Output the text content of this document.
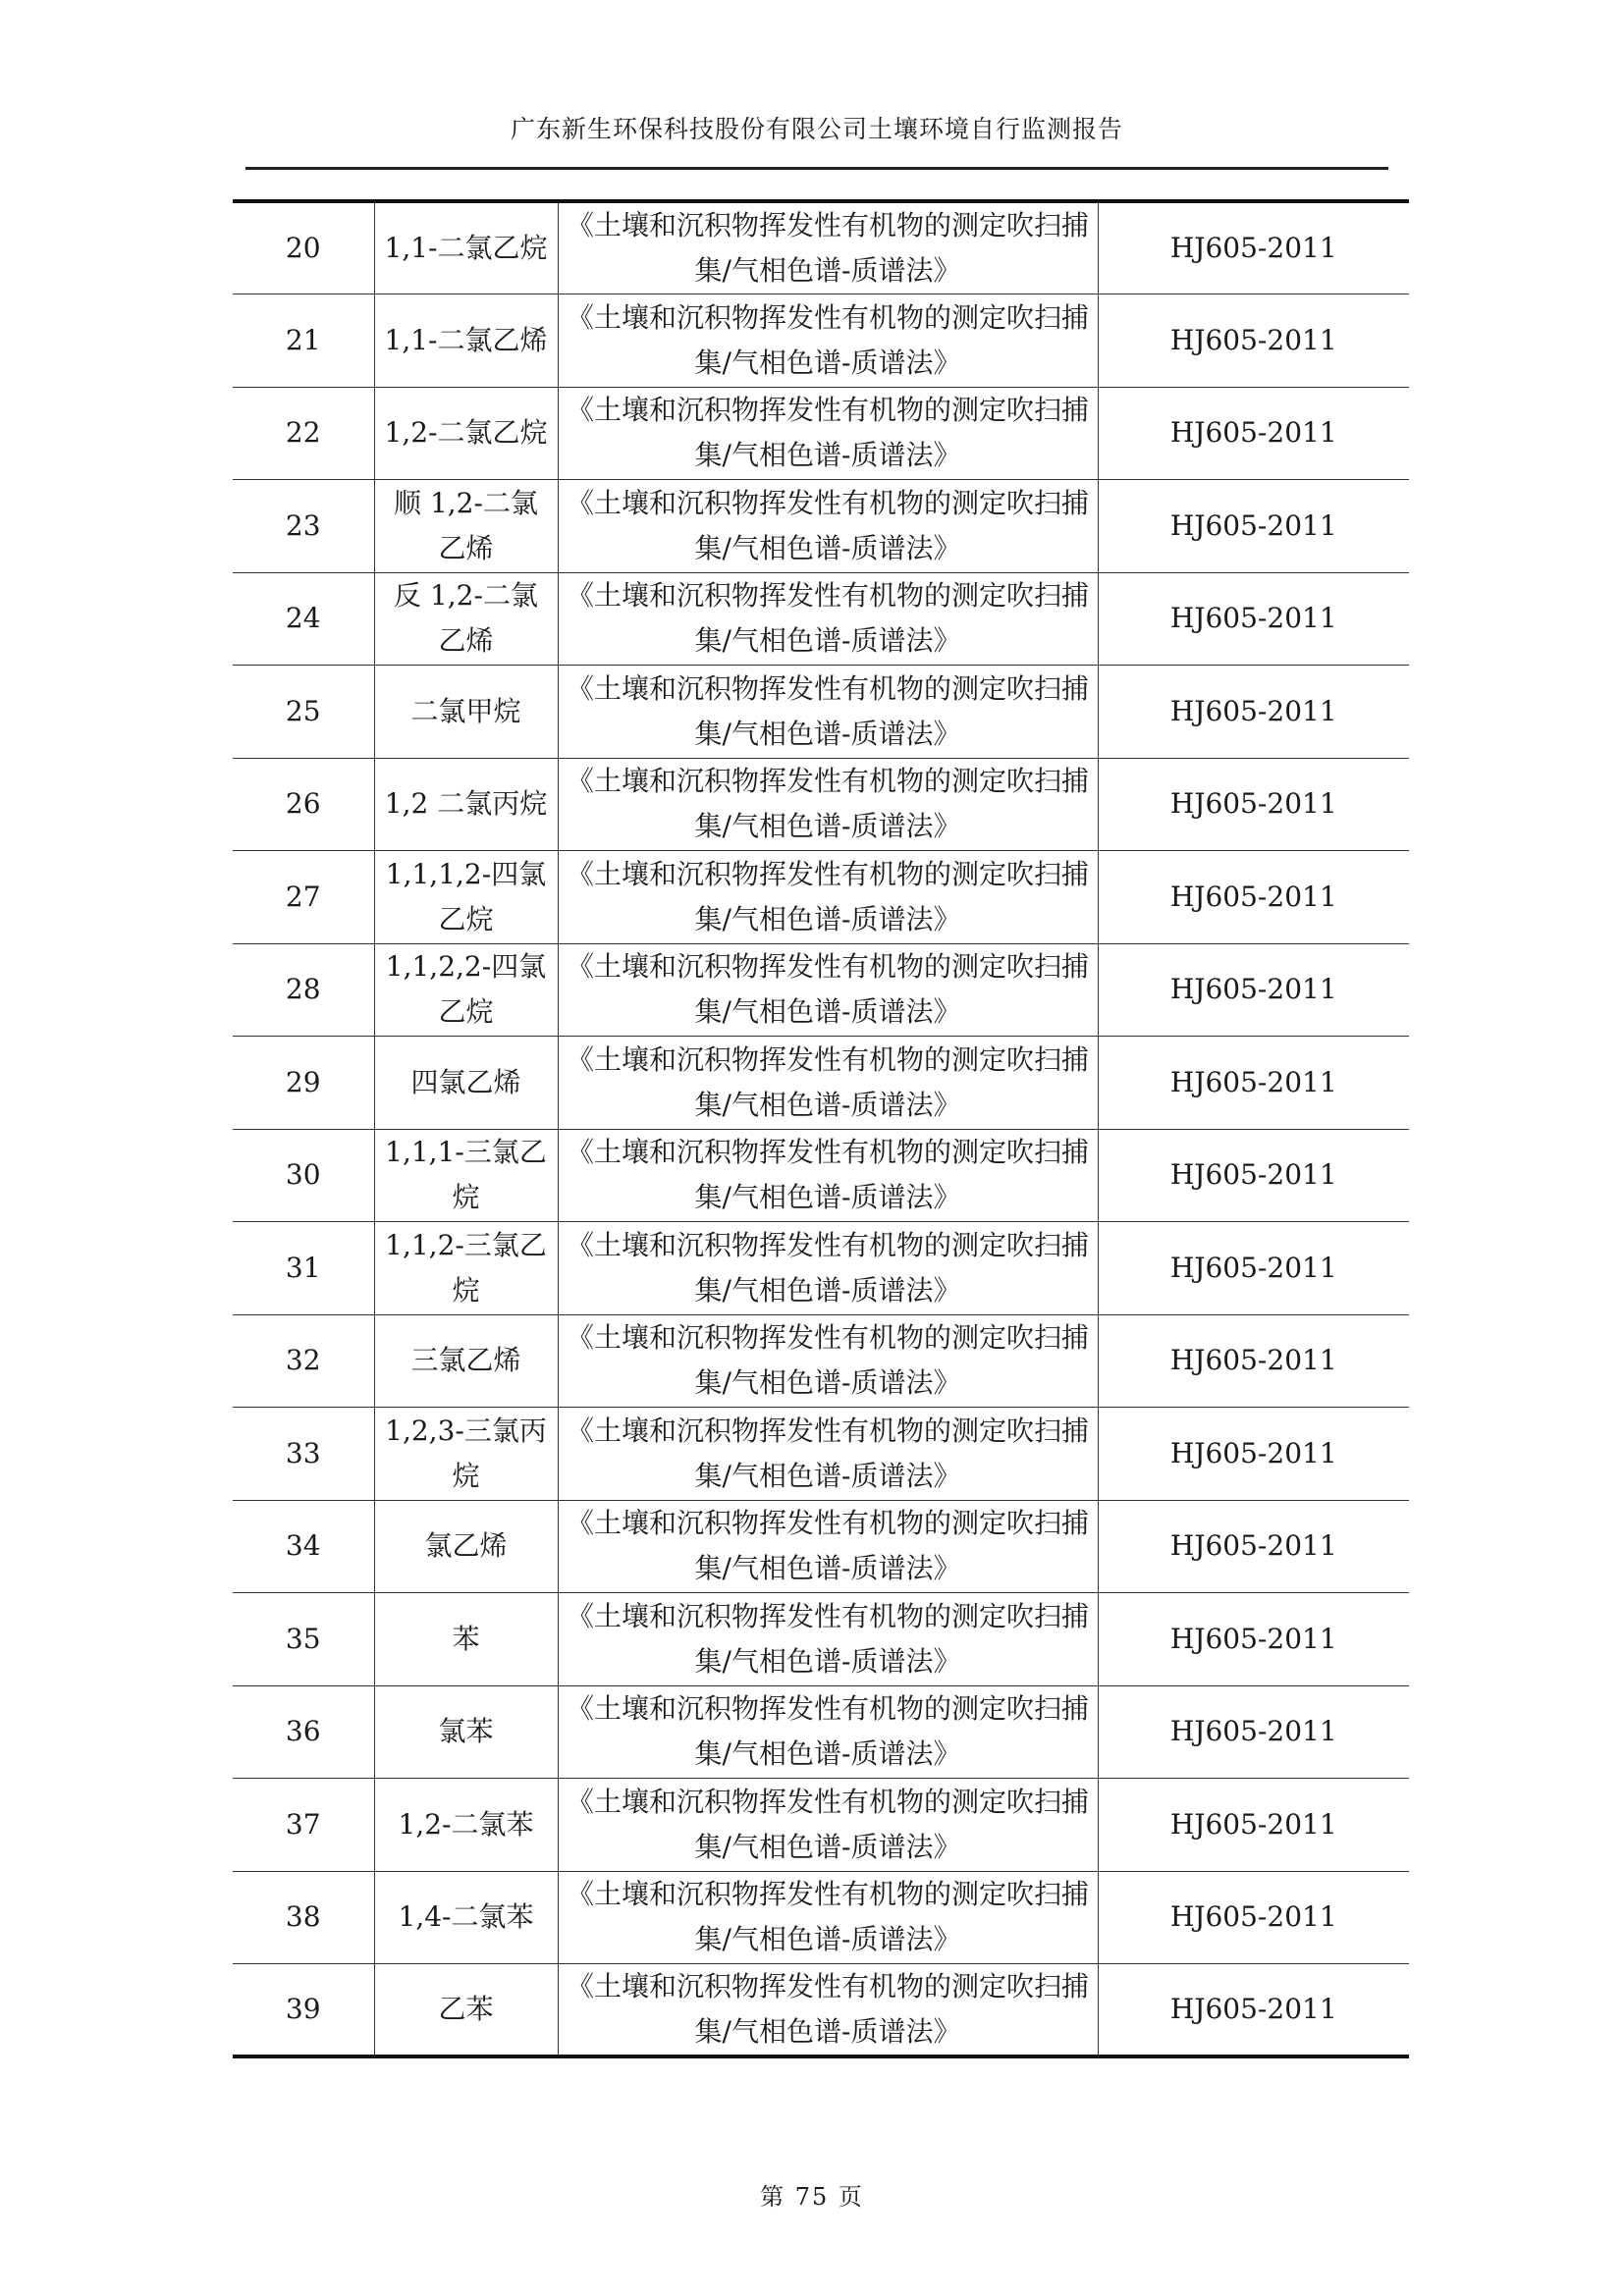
广东新生环保科技股份有限公司土壤环境自行监测报告
20	1,1-二氯乙烷	《土壤和沉积物挥发性有机物的测定吹扫捕集/气相色谱-质谱法》	HJ605-2011
21	1,1-二氯乙烯	《土壤和沉积物挥发性有机物的测定吹扫捕集/气相色谱-质谱法》	HJ605-2011
22	1,2-二氯乙烷	《土壤和沉积物挥发性有机物的测定吹扫捕集/气相色谱-质谱法》	HJ605-2011
23	顺 1,2-二氯乙烯	《土壤和沉积物挥发性有机物的测定吹扫捕集/气相色谱-质谱法》	HJ605-2011
24	反 1,2-二氯乙烯	《土壤和沉积物挥发性有机物的测定吹扫捕集/气相色谱-质谱法》	HJ605-2011
25	二氯甲烷	《土壤和沉积物挥发性有机物的测定吹扫捕集/气相色谱-质谱法》	HJ605-2011
26	1,2 二氯丙烷	《土壤和沉积物挥发性有机物的测定吹扫捕集/气相色谱-质谱法》	HJ605-2011
27	1,1,1,2-四氯乙烷	《土壤和沉积物挥发性有机物的测定吹扫捕集/气相色谱-质谱法》	HJ605-2011
28	1,1,2,2-四氯乙烷	《土壤和沉积物挥发性有机物的测定吹扫捕集/气相色谱-质谱法》	HJ605-2011
29	四氯乙烯	《土壤和沉积物挥发性有机物的测定吹扫捕集/气相色谱-质谱法》	HJ605-2011
30	1,1,1-三氯乙烷	《土壤和沉积物挥发性有机物的测定吹扫捕集/气相色谱-质谱法》	HJ605-2011
31	1,1,2-三氯乙烷	《土壤和沉积物挥发性有机物的测定吹扫捕集/气相色谱-质谱法》	HJ605-2011
32	三氯乙烯	《土壤和沉积物挥发性有机物的测定吹扫捕集/气相色谱-质谱法》	HJ605-2011
33	1,2,3-三氯丙烷	《土壤和沉积物挥发性有机物的测定吹扫捕集/气相色谱-质谱法》	HJ605-2011
34	氯乙烯	《土壤和沉积物挥发性有机物的测定吹扫捕集/气相色谱-质谱法》	HJ605-2011
35	苯	《土壤和沉积物挥发性有机物的测定吹扫捕集/气相色谱-质谱法》	HJ605-2011
36	氯苯	《土壤和沉积物挥发性有机物的测定吹扫捕集/气相色谱-质谱法》	HJ605-2011
37	1,2-二氯苯	《土壤和沉积物挥发性有机物的测定吹扫捕集/气相色谱-质谱法》	HJ605-2011
38	1,4-二氯苯	《土壤和沉积物挥发性有机物的测定吹扫捕集/气相色谱-质谱法》	HJ605-2011
39	乙苯	《土壤和沉积物挥发性有机物的测定吹扫捕集/气相色谱-质谱法》	HJ605-2011
第 75 页
